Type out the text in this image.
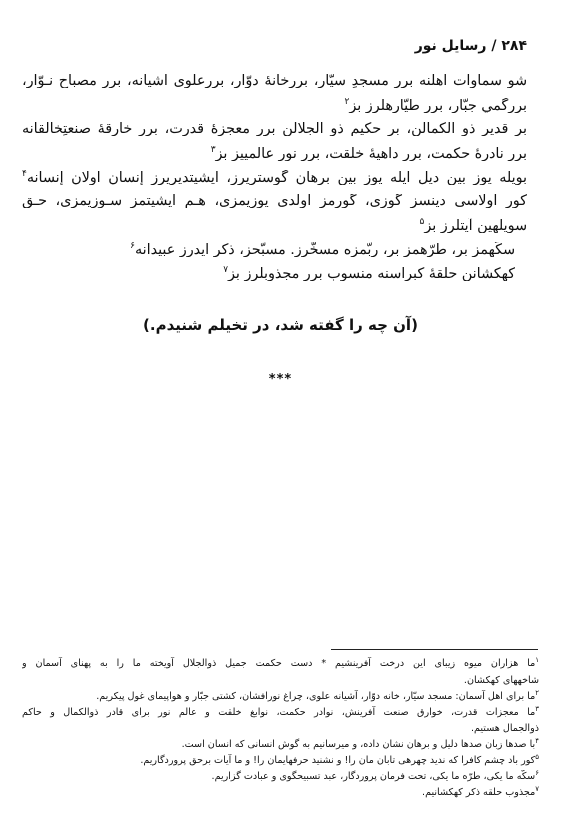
۲۸۴ / رسایل نور
شو سماوات أهلنه برر مسجدِ سيّار، بررخانهٔ دوّار، بررعلوی آشيانه، برر مصباحِ نـوّار،
بررگميِ جبّار، برر طيّارهلرز بز$^۲$
بر قديرِ ذو الكمالن، بر حكيمِ ذو الجلالن برر معجزهٔ قدرت، برر خارقهٔ صنعتِخالقانه
برر نادرهٔ حكمت، برر داهيهٔ خلقت، برر نور عالمیيز بز$^۳$
بويله يوز بين ديل ايله يوز بين برهان گوستريرز، ايشيتديريرز إنسان اولان إنسانه$^۴$
كور اولاسی دينسز گوزی، گورمز اولدی يوزيمزی، هـم ايشيتمز سـوزيمزی، حـق
سويلهين آيتلرز بز$^۵$
سكّهمز بر، طرّهمز بر، ربّمزه مسخّرز. مسبّحز، ذكر ايدرز عبيدانه$^۶$
كهكشانن حلقهٔ كبراسنه منسوب برر مجذوبلرز بز$^۷$
(آن چه را گفته شد، در تخيلم شنيدم.)
***
$^۱$ما هزاران ميوه زيبای اين درخت آفرينشيم * دست حكمت جميل ذوالجلال آويخته ما را به پهنای آسمان و
شاخههای كهكشان.
$^۲$ما برای اهل آسمان: مسجد سيّار، خانه دوّار، آشيانه علوی، چراغ نورافشان، كشتی جبّار و هواپيمای غول پيكريم.
$^۳$ما معجزات قدرت، خوارق صنعت آفرينش، نوادر حكمت، نوابغ خلقت و عالم نور برای قادر ذوالكمال و حاكم
ذوالجمال هستيم.
$^۴$با صدها زبان صدها دليل و برهان نشان داده، و میرسانيم به گوش انسانی كه انسان است.
$^۵$كور باد چشم كافرا كه نديد چهرهی تابان مان را! و نشنيد حرفهايمان را! و ما آيات برحق پروردگاريم.
$^۶$سكّه ما يكی، طرّه ما يكی، تحت فرمان پروردگار، عبد تسبيحگوی و عبادت گزاريم.
$^۷$مجذوب حلقه ذكر كهكشانيم.
